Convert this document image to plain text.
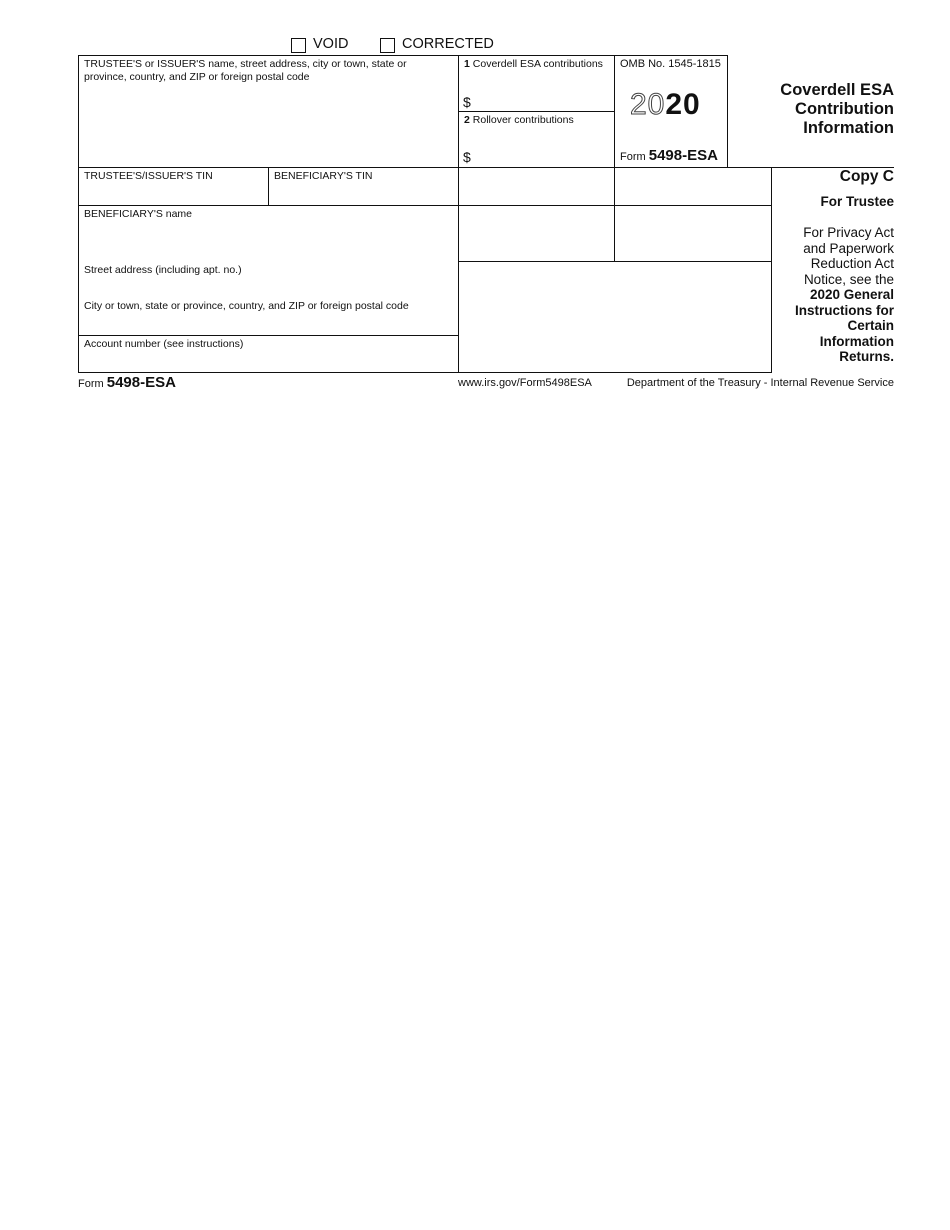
VOID	CORRECTED
TRUSTEE'S or ISSUER'S name, street address, city or town, state or province, country, and ZIP or foreign postal code
1 Coverdell ESA contributions
$
2 Rollover contributions
$
OMB No. 1545-1815
2020
Form 5498-ESA
Coverdell ESA
Contribution
Information
TRUSTEE'S/ISSUER'S TIN	BENEFICIARY'S TIN
BENEFICIARY'S name
Street address (including apt. no.)
City or town, state or province, country, and ZIP or foreign postal code
Account number (see instructions)
Copy C
For Trustee
For Privacy Act
and Paperwork
Reduction Act
Notice, see the
2020 General
Instructions for
Certain
Information
Returns.
Form 5498-ESA	www.irs.gov/Form5498ESA	Department of the Treasury - Internal Revenue Service
